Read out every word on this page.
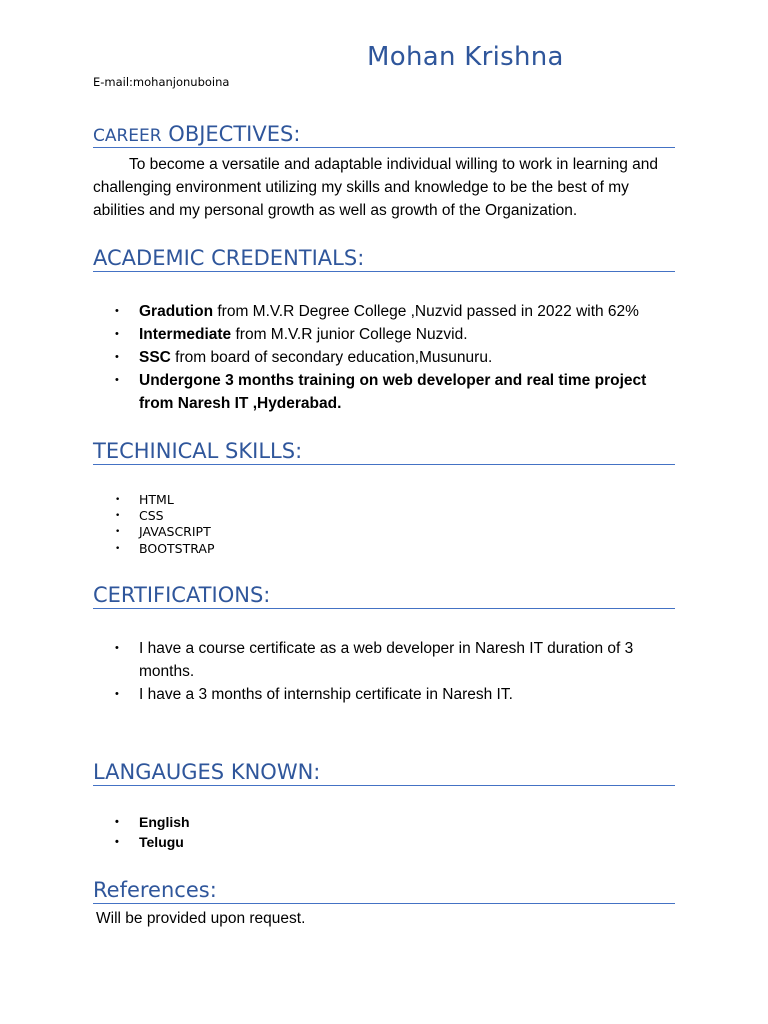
Mohan Krishna
E-mail:mohanjonuboina
CAREER OBJECTIVES:
To become a versatile and adaptable individual willing to work in learning and challenging environment utilizing my skills and knowledge to be the best of my abilities and my personal growth as well as growth of the Organization.
ACADEMIC CREDENTIALS:
• Gradution from M.V.R Degree College ,Nuzvid passed in 2022 with 62%
• Intermediate from M.V.R junior College Nuzvid.
• SSC from board of secondary education,Musunuru.
• Undergone 3 months training on web developer and real time project from Naresh IT ,Hyderabad.
TECHINICAL SKILLS:
• HTML
• CSS
• JAVASCRIPT
• BOOTSTRAP
CERTIFICATIONS:
• I have a course certificate as a web developer in Naresh IT duration of 3 months.
• I have a 3 months of internship certificate in Naresh IT.
LANGAUGES KNOWN:
• English
• Telugu
References:
Will be provided upon request.
